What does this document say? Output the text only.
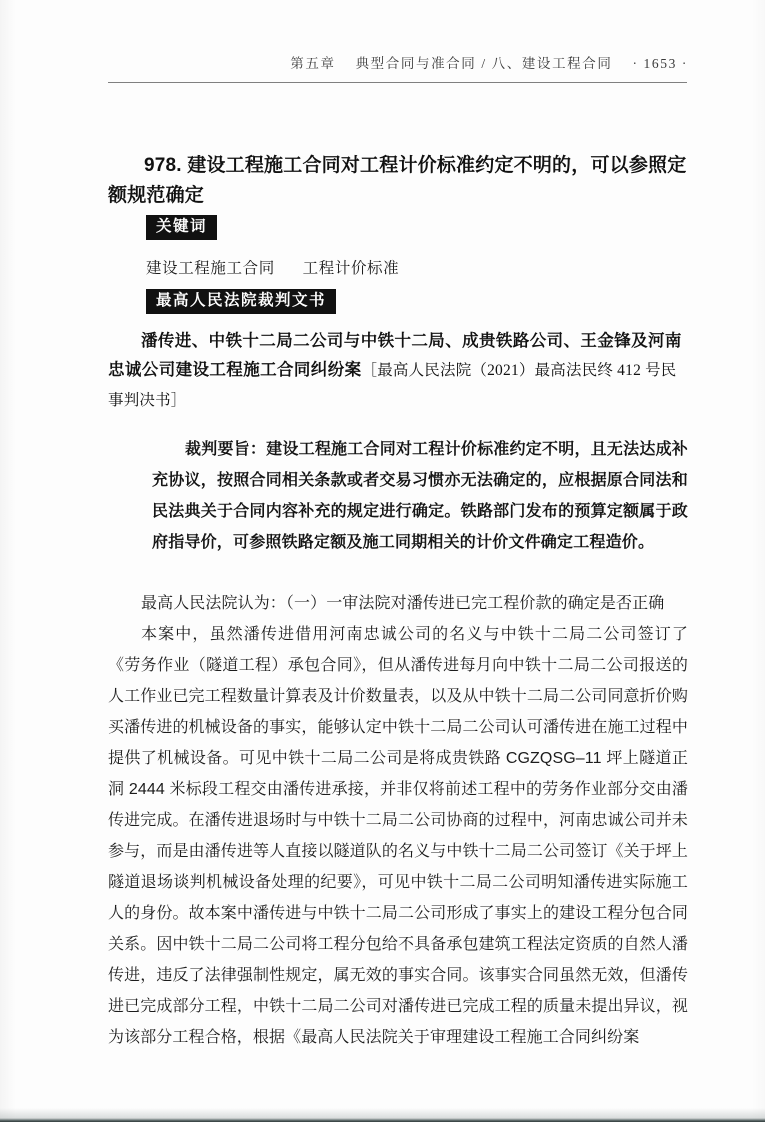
第五章 典型合同与准合同 / 八、建设工程合同 · 1653 ·
978. 建设工程施工合同对工程计价标准约定不明的，可以参照定额规范确定
关键词
建设工程施工合同 工程计价标准
最高人民法院裁判文书
潘传进、中铁十二局二公司与中铁十二局、成贵铁路公司、王金锋及河南忠诚公司建设工程施工合同纠纷案［最高人民法院（2021）最高法民终 412 号民事判决书］
裁判要旨：建设工程施工合同对工程计价标准约定不明，且无法达成补充协议，按照合同相关条款或者交易习惯亦无法确定的，应根据原合同法和民法典关于合同内容补充的规定进行确定。铁路部门发布的预算定额属于政府指导价，可参照铁路定额及施工同期相关的计价文件确定工程造价。

最高人民法院认为：（一）一审法院对潘传进已完工程价款的确定是否正确

本案中，虽然潘传进借用河南忠诚公司的名义与中铁十二局二公司签订了《劳务作业（隧道工程）承包合同》，但从潘传进每月向中铁十二局二公司报送的人工作业已完工程数量计算表及计价数量表，以及从中铁十二局二公司同意折价购买潘传进的机械设备的事实，能够认定中铁十二局二公司认可潘传进在施工过程中提供了机械设备。可见中铁十二局二公司是将成贵铁路 CGZQSG–11 坪上隧道正洞 2444 米标段工程交由潘传进承接，并非仅将前述工程中的劳务作业部分交由潘传进完成。在潘传进退场时与中铁十二局二公司协商的过程中，河南忠诚公司并未参与，而是由潘传进等人直接以隧道队的名义与中铁十二局二公司签订《关于坪上隧道退场谈判机械设备处理的纪要》，可见中铁十二局二公司明知潘传进实际施工人的身份。故本案中潘传进与中铁十二局二公司形成了事实上的建设工程分包合同关系。因中铁十二局二公司将工程分包给不具备承包建筑工程法定资质的自然人潘传进，违反了法律强制性规定，属无效的事实合同。该事实合同虽然无效，但潘传进已完成部分工程，中铁十二局二公司对潘传进已完成工程的质量未提出异议，视为该部分工程合格，根据《最高人民法院关于审理建设工程施工合同纠纷案
